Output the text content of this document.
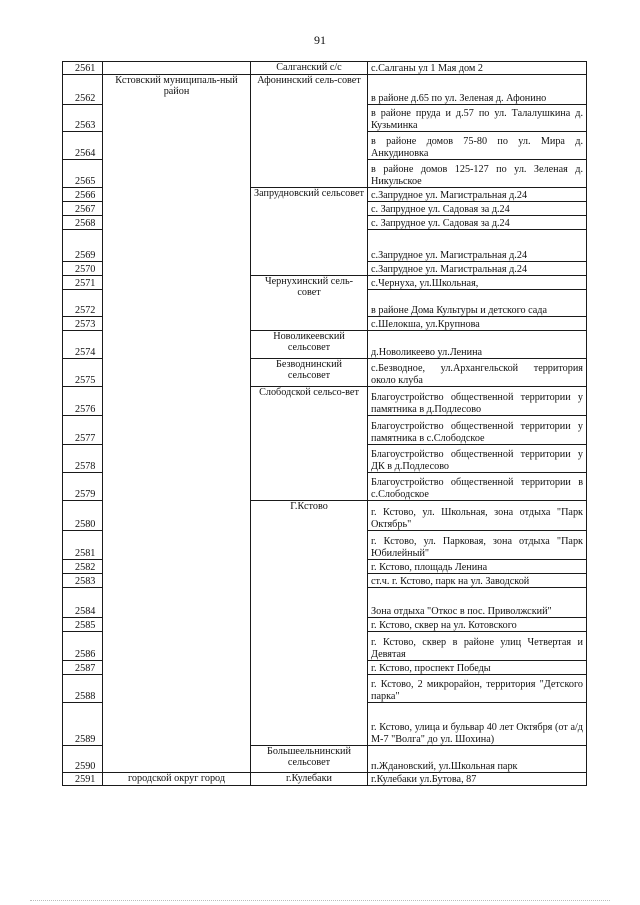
91
2561		Салганский с/с	с.Салганы ул 1 Мая дом 2
2562	Кстовский муниципаль-ный район	Афонинский сель-совет	в районе д.65 по ул. Зеленая д. Афонино
2563			в районе пруда и д.57 по ул. Талалушкина д. Кузьминка
2564			в районе домов 75-80 по ул. Мира д. Анкудиновка
2565			в районе домов 125-127 по ул. Зеленая д. Никульское
2566		Запрудновский сельсовет	с.Запрудное ул. Магистральная д.24
2567			с. Запрудное ул. Садовая за д.24
2568			с. Запрудное ул. Садовая за д.24
2569			с.Запрудное ул. Магистральная д.24
2570			с.Запрудное ул. Магистральная д.24
2571		Чернухинский сель-совет	с.Чернуха, ул.Школьная,
2572			в районе Дома Культуры и детского сада
2573			с.Шелокша, ул.Крупнова
2574		Новоликеевский сельсовет	д.Новоликеево ул.Ленина
2575		Безводнинский сельсовет	с.Безводное, ул.Архангельской территория около клуба
2576		Слободской сельсо-вет	Благоустройство общественной территории у памятника в д.Подлесово
2577			Благоустройство общественной территории у памятника в с.Слободское
2578			Благоустройство общественной территории у ДК в д.Подлесово
2579			Благоустройство общественной территории в с.Слободское
2580		Г.Кстово	г. Кстово, ул. Школьная, зона отдыха "Парк Октябрь"
2581			г. Кстово, ул. Парковая, зона отдыха "Парк Юбилейный"
2582			г. Кстово, площадь Ленина
2583			ст.ч. г. Кстово, парк на ул. Заводской
2584			Зона отдыха "Откос в пос. Приволжский"
2585			г. Кстово, сквер на ул. Котовского
2586			г. Кстово, сквер в районе улиц Четвертая и Девятая
2587			г. Кстово, проспект Победы
2588			г. Кстово, 2 микрорайон, территория "Детского парка"
2589			г. Кстово, улица и бульвар 40 лет Октября (от а/д М-7 "Волга" до ул. Шохина)
2590		Большеельнинский сельсовет	п.Ждановский, ул.Школьная парк
2591	городской округ город	г.Кулебаки	г.Кулебаки ул.Бутова, 87
